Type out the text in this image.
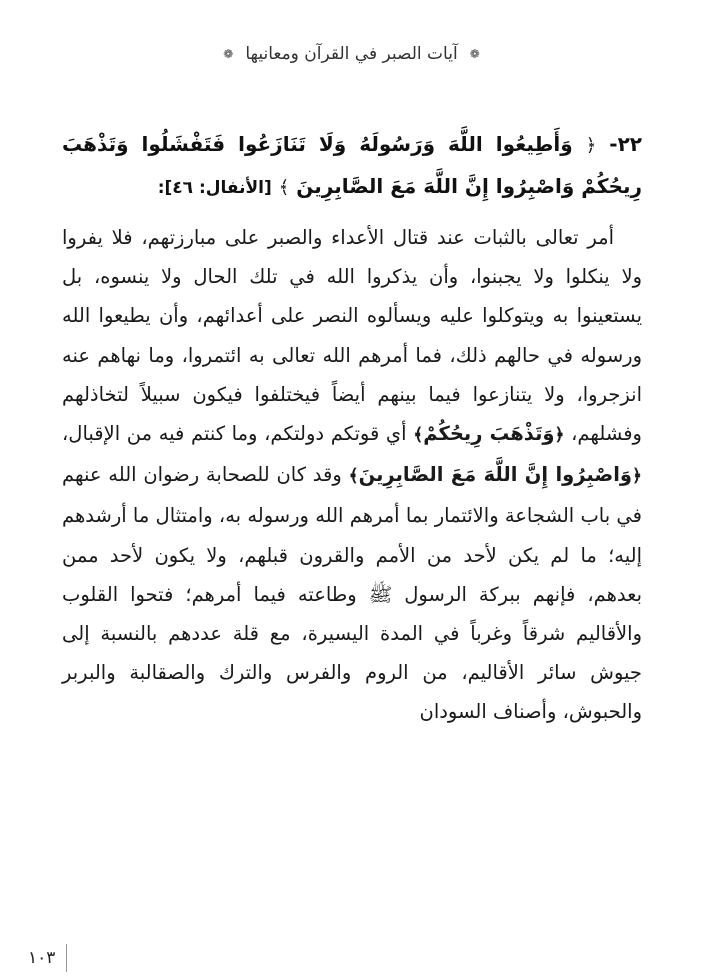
❁آيات الصبر في القرآن ومعانيها❁
٢٢- ﴿ وَأَطِيعُوا اللَّهَ وَرَسُولَهُ وَلَا تَنَازَعُوا فَتَفْشَلُوا وَتَذْهَبَ رِيحُكُمْ وَاصْبِرُوا إِنَّ اللَّهَ مَعَ الصَّابِرِينَ ﴾ [الأنفال: ٤٦]:
أمر تعالى بالثبات عند قتال الأعداء والصبر على مبارزتهم، فلا يفروا ولا ينكلوا ولا يجبنوا، وأن يذكروا الله في تلك الحال ولا ينسوه، بل يستعينوا به ويتوكلوا عليه ويسألوه النصر على أعدائهم، وأن يطيعوا الله ورسوله في حالهم ذلك، فما أمرهم الله تعالى به ائتمروا، وما نهاهم عنه انزجروا، ولا يتنازعوا فيما بينهم أيضاً فيختلفوا فيكون سبيلاً لتخاذلهم وفشلهم، ﴿وَتَذْهَبَ رِيحُكُمْ﴾ أي قوتكم دولتكم، وما كنتم فيه من الإقبال، ﴿وَاصْبِرُوا إِنَّ اللَّهَ مَعَ الصَّابِرِينَ﴾ وقد كان للصحابة رضوان الله عنهم في باب الشجاعة والائتمار بما أمرهم الله ورسوله به، وامتثال ما أرشدهم إليه؛ ما لم يكن لأحد من الأمم والقرون قبلهم، ولا يكون لأحد ممن بعدهم، فإنهم ببركة الرسول ﷺ وطاعته فيما أمرهم؛ فتحوا القلوب والأقاليم شرقاً وغرباً في المدة اليسيرة، مع قلة عددهم بالنسبة إلى جيوش سائر الأقاليم، من الروم والفرس والترك والصقالبة والبربر والحبوش، وأصناف السودان
١٠٣
